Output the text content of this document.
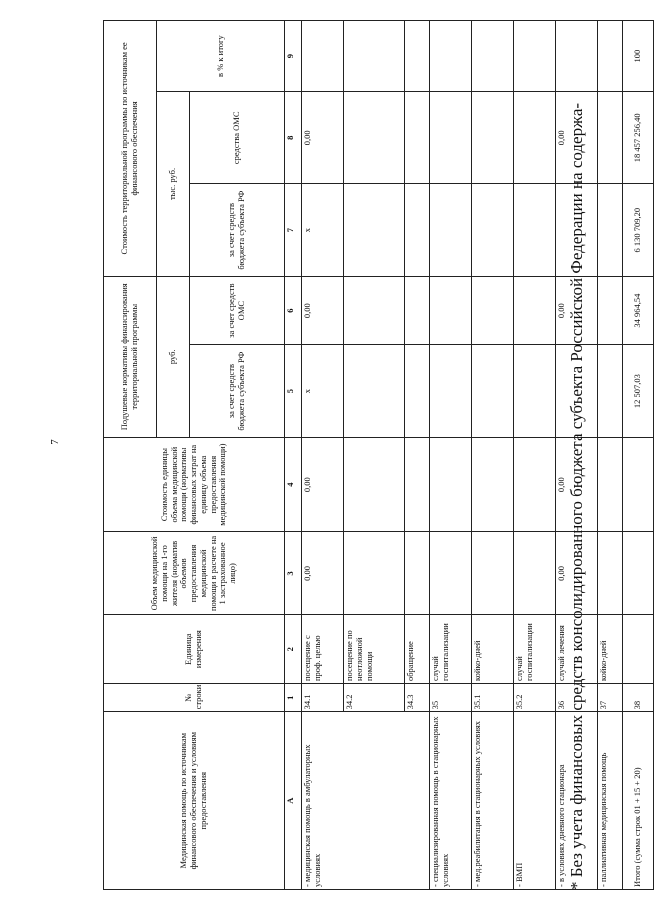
7
Медицинская помощь по источникам финансового обеспечения и условиям предоставления	№ строки	Единица измерения	Объем медицинской помощи на 1-го жителя (норматив объемов предоставления медицинской помощи в расчете на 1 застрахованное лицо)	Стоимость единицы объема медицинской помощи (нормативы финансовых затрат на единицу объема предоставления медицинской помощи)	Подушевые нормативы финансирования территориальной программы		Стоимость территориальной программы по источникам ее финансового обеспечения		
					руб.		тыс. руб.		в % к итогу
					за счет средств бюджета субъекта РФ	за счет средств ОМС	за счет средств бюджета субъекта РФ	средства ОМС	
А	1	2	3	4	5	6	7	8	9
- медицинская помощь в амбулаторных условиях	34.1	посещение с проф. целью	0,00	0,00	х	0,00	х	0,00	
	34.2	посещение по неотложной помощи							
	34.3	обращение							
- специализированная помощь в стационарных условиях	35	случай госпитализации							
- мед.реабилитация в стационарных условиях	35.1	койко-дней							
- ВМП	35.2	случай госпитализации							
- в условиях дневного стационара	36	случай лечения	0,00	0,00		0,00		0,00	
- паллиативная медицинская помощь	37	койко-дней							
Итого (сумма строк 01 + 15 + 20)	38				12 507,03	34 964,54	6 130 709,20	18 457 256,40	100
* Без учета финансовых средств консолидированного бюджета субъекта Российской Федерации на содержа-
